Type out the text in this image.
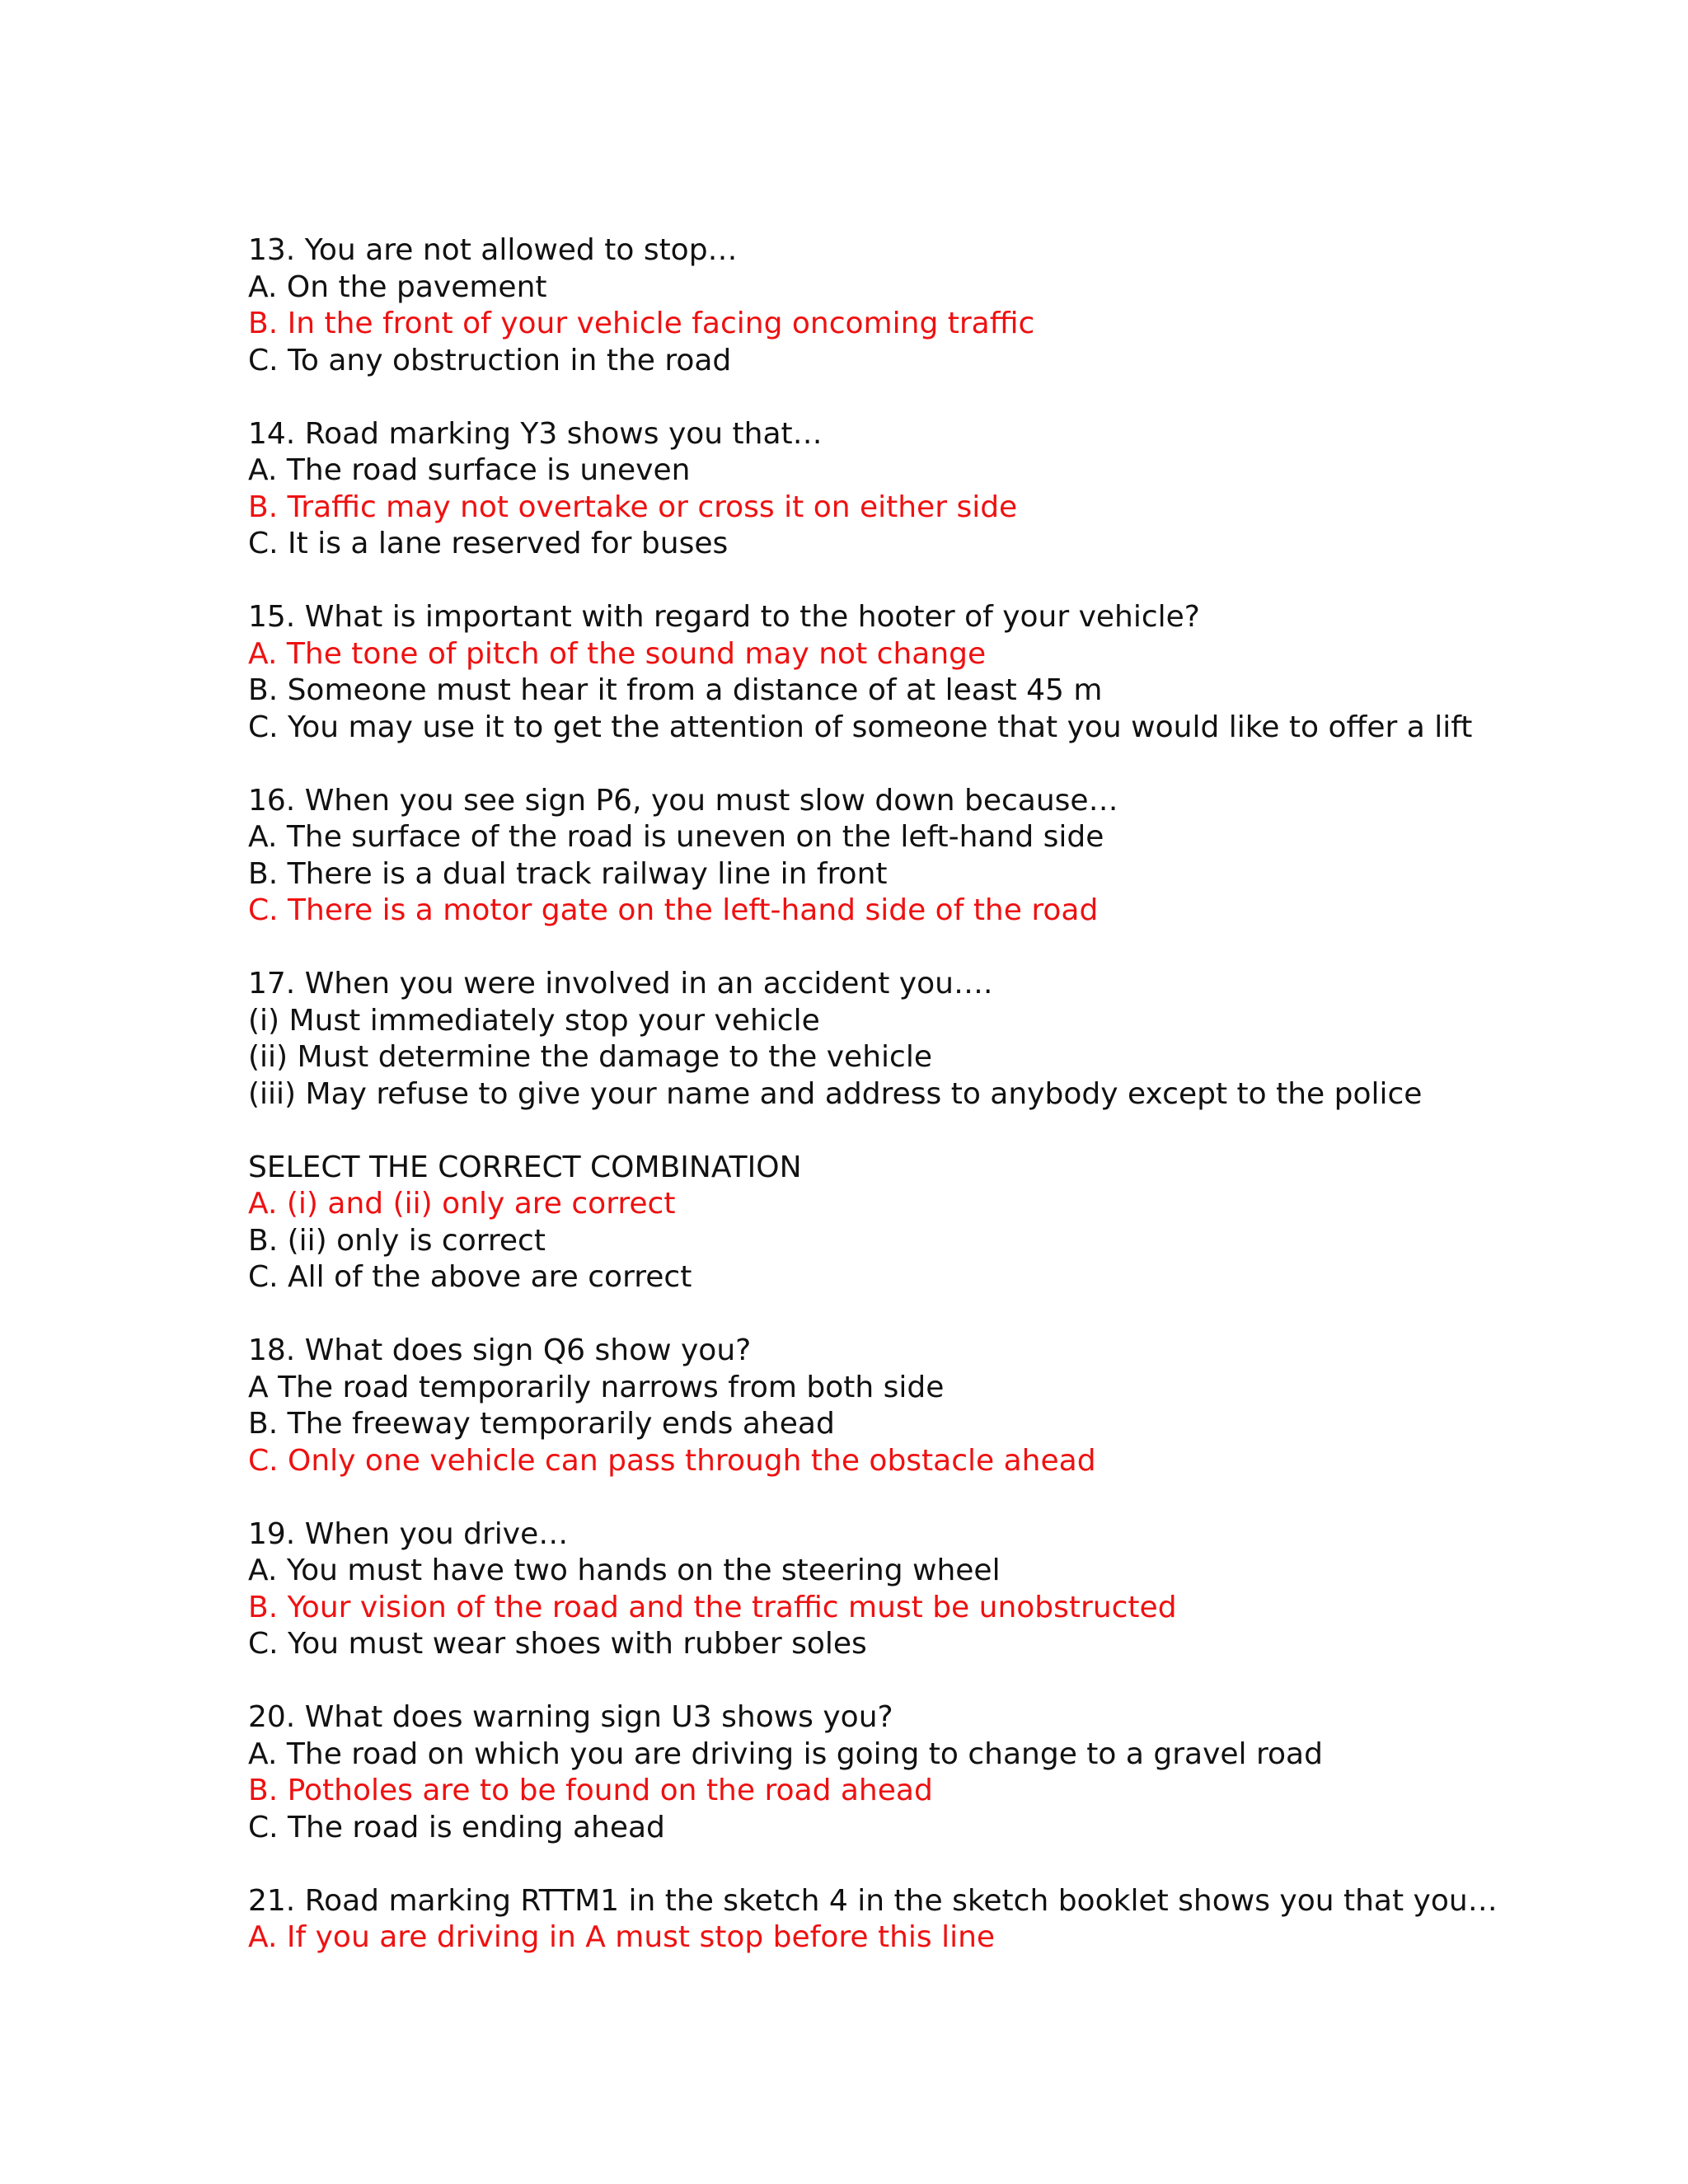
13. You are not allowed to stop…
A. On the pavement
B. In the front of your vehicle facing oncoming traffic
C. To any obstruction in the road
14. Road marking Y3 shows you that…
A. The road surface is uneven
B. Traffic may not overtake or cross it on either side
C. It is a lane reserved for buses
15. What is important with regard to the hooter of your vehicle?
A. The tone of pitch of the sound may not change
B. Someone must hear it from a distance of at least 45 m
C. You may use it to get the attention of someone that you would like to offer a lift
16. When you see sign P6, you must slow down because…
A. The surface of the road is uneven on the left-hand side
B. There is a dual track railway line in front
C. There is a motor gate on the left-hand side of the road
17. When you were involved in an accident you….
(i) Must immediately stop your vehicle
(ii) Must determine the damage to the vehicle
(iii) May refuse to give your name and address to anybody except to the police
SELECT THE CORRECT COMBINATION
A. (i) and (ii) only are correct
B. (ii) only is correct
C. All of the above are correct
18. What does sign Q6 show you?
A The road temporarily narrows from both side
B. The freeway temporarily ends ahead
C. Only one vehicle can pass through the obstacle ahead
19. When you drive…
A. You must have two hands on the steering wheel
B. Your vision of the road and the traffic must be unobstructed
C. You must wear shoes with rubber soles
20. What does warning sign U3 shows you?
A. The road on which you are driving is going to change to a gravel road
B. Potholes are to be found on the road ahead
C. The road is ending ahead
21. Road marking RTTM1 in the sketch 4 in the sketch booklet shows you that you…
A. If you are driving in A must stop before this line
